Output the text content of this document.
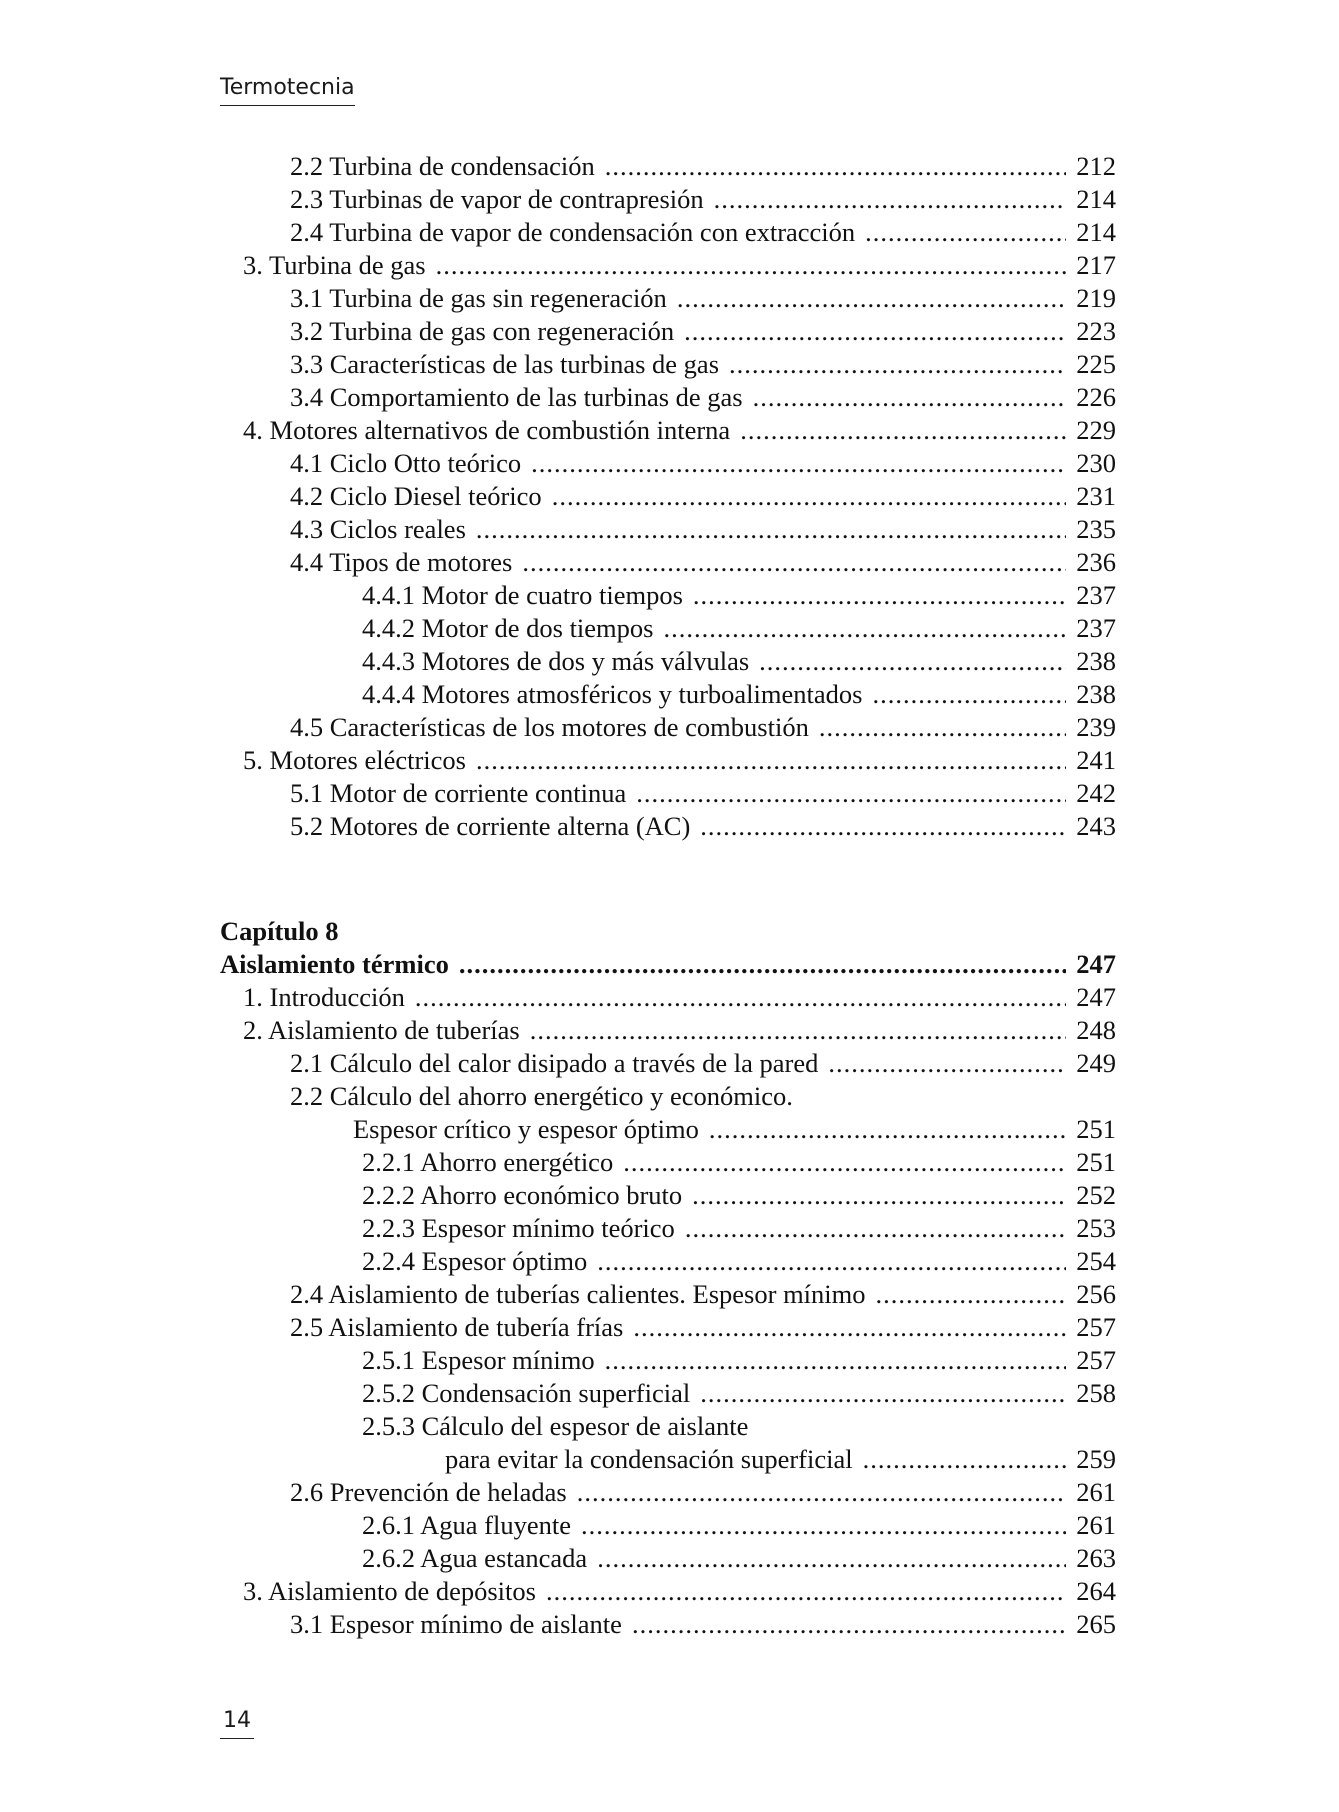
Termotecnia
2.2 Turbina de condensación .....	212
2.3 Turbinas de vapor de contrapresión .....	214
2.4 Turbina de vapor de condensación con extracción .....	214
3. Turbina de gas .....	217
3.1 Turbina de gas sin regeneración .....	219
3.2 Turbina de gas con regeneración .....	223
3.3 Características de las turbinas de gas .....	225
3.4 Comportamiento de las turbinas de gas .....	226
4. Motores alternativos de combustión interna .....	229
4.1 Ciclo Otto teórico .....	230
4.2 Ciclo Diesel teórico .....	231
4.3 Ciclos reales .....	235
4.4 Tipos de motores .....	236
4.4.1 Motor de cuatro tiempos .....	237
4.4.2 Motor de dos tiempos .....	237
4.4.3 Motores de dos y más válvulas .....	238
4.4.4 Motores atmosféricos y turboalimentados .....	238
4.5 Características de los motores de combustión .....	239
5. Motores eléctricos .....	241
5.1 Motor de corriente continua .....	242
5.2 Motores de corriente alterna (AC) .....	243
Capítulo 8
Aislamiento térmico .....	247
1. Introducción .....	247
2. Aislamiento de tuberías .....	248
2.1 Cálculo del calor disipado a través de la pared .....	249
2.2 Cálculo del ahorro energético y económico.
Espesor crítico y espesor óptimo .....	251
2.2.1 Ahorro energético .....	251
2.2.2 Ahorro económico bruto .....	252
2.2.3 Espesor mínimo teórico .....	253
2.2.4 Espesor óptimo .....	254
2.4 Aislamiento de tuberías calientes. Espesor mínimo .....	256
2.5 Aislamiento de tubería frías .....	257
2.5.1 Espesor mínimo .....	257
2.5.2 Condensación superficial .....	258
2.5.3 Cálculo del espesor de aislante
para evitar la condensación superficial .....	259
2.6 Prevención de heladas .....	261
2.6.1 Agua fluyente .....	261
2.6.2 Agua estancada .....	263
3. Aislamiento de depósitos .....	264
3.1 Espesor mínimo de aislante .....	265
14
